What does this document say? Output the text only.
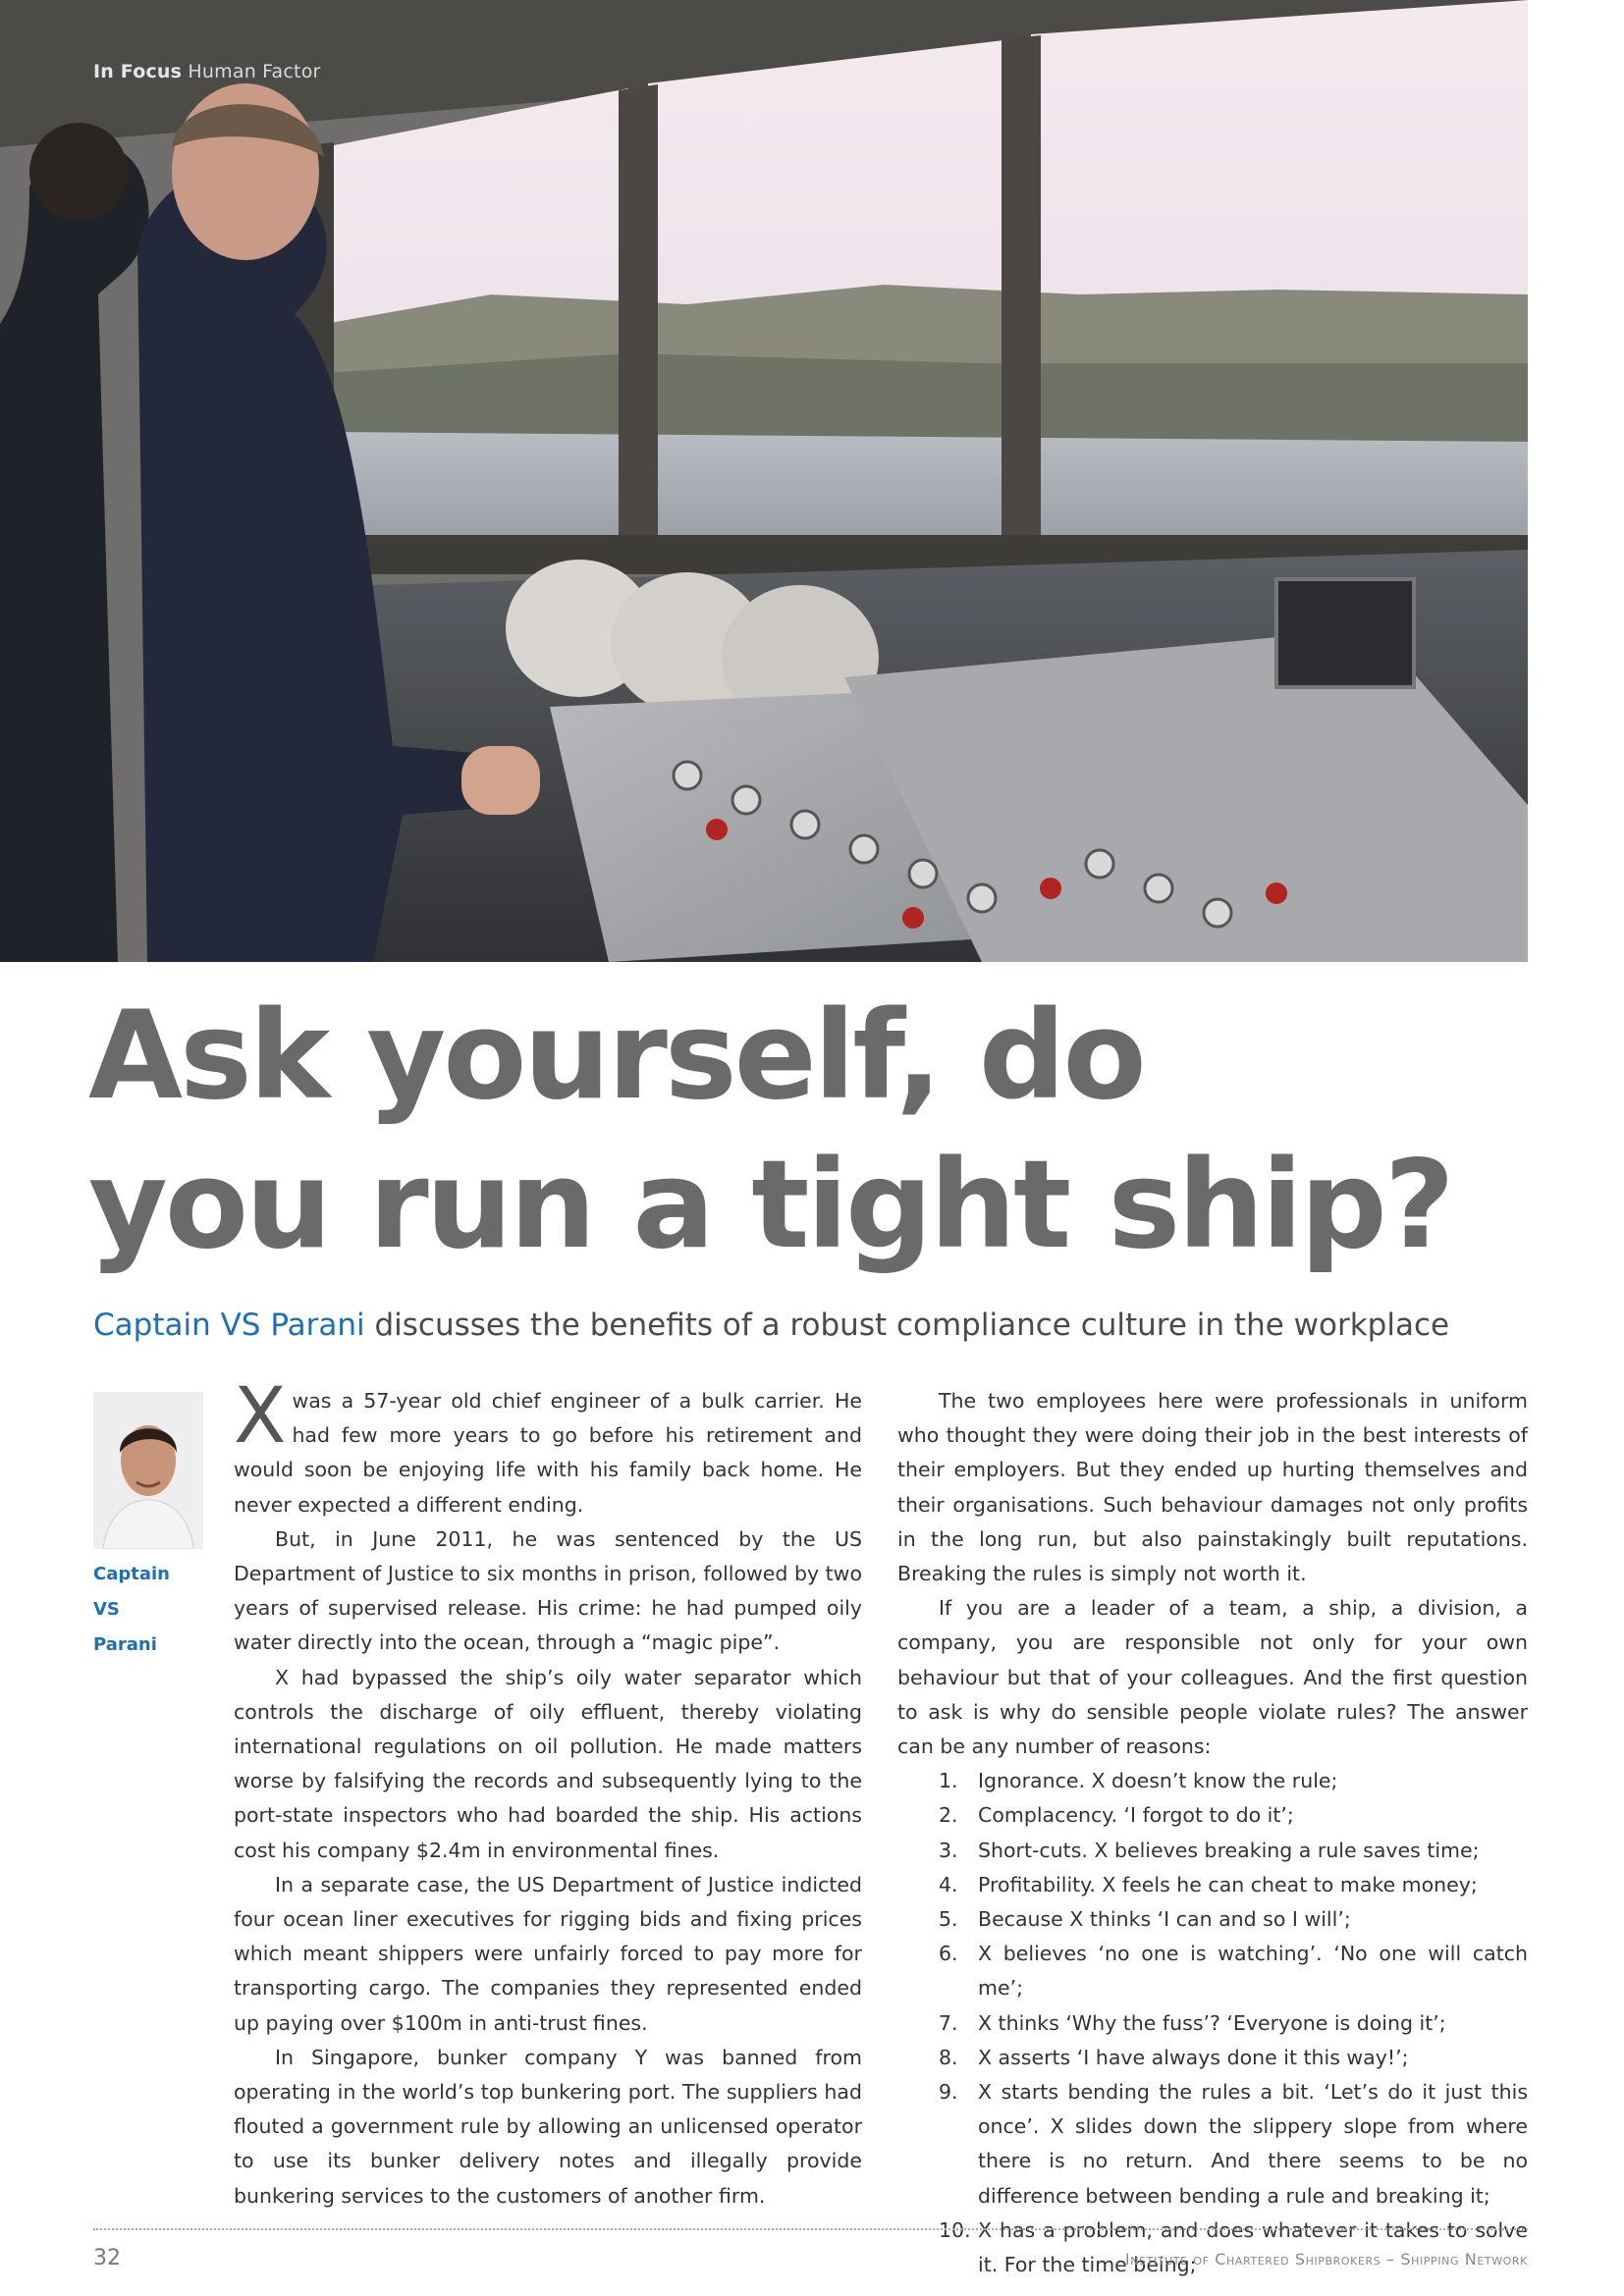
In Focus Human Factor
Ask yourself, do
you run a tight ship?
Captain VS Parani discusses the benefits of a robust compliance culture in the workplace
Captain VS
Parani

Xwas a 57-year old chief engineer of a bulk carrier. He had few more years to go before his retirement and would soon be enjoying life with his family back home. He never expected a different ending.

But, in June 2011, he was sentenced by the US Department of Justice to six months in prison, followed by two years of supervised release. His crime: he had pumped oily water directly into the ocean, through a “magic pipe”.

X had bypassed the ship’s oily water separator which controls the discharge of oily effluent, thereby violating international regulations on oil pollution. He made matters worse by falsifying the records and subsequently lying to the port-state inspectors who had boarded the ship. His actions cost his company $2.4m in environmental fines.

In a separate case, the US Department of Justice indicted four ocean liner executives for rigging bids and fixing prices which meant shippers were unfairly forced to pay more for transporting cargo. The companies they represented ended up paying over $100m in anti-trust fines.

In Singapore, bunker company Y was banned from operating in the world’s top bunkering port. The suppliers had flouted a government rule by allowing an unlicensed operator to use its bunker delivery notes and illegally provide bunkering services to the customers of another firm.

The two employees here were professionals in uniform who thought they were doing their job in the best interests of their employers. But they ended up hurting themselves and their organisations. Such behaviour damages not only profits in the long run, but also painstakingly built reputations. Breaking the rules is simply not worth it.

If you are a leader of a team, a ship, a division, a company, you are responsible not only for your own behaviour but that of your colleagues. And the first question to ask is why do sensible people violate rules? The answer can be any number of reasons:

1. Ignorance. X doesn’t know the rule;
2. Complacency. ‘I forgot to do it’;
3. Short-cuts. X believes breaking a rule saves time;
4. Profitability. X feels he can cheat to make money;
5. Because X thinks ‘I can and so I will’;
6. X believes ‘no one is watching’. ‘No one will catch me’;
7. X thinks ‘Why the fuss’? ‘Everyone is doing it’;
8. X asserts ‘I have always done it this way!’;
9. X starts bending the rules a bit. ‘Let’s do it just this once’. X slides down the slippery slope from where there is no return. And there seems to be no difference between bending a rule and breaking it;
10. X has a problem, and does whatever it takes to solve it. For the time being;
32	Institute of Chartered Shipbrokers – Shipping Network
